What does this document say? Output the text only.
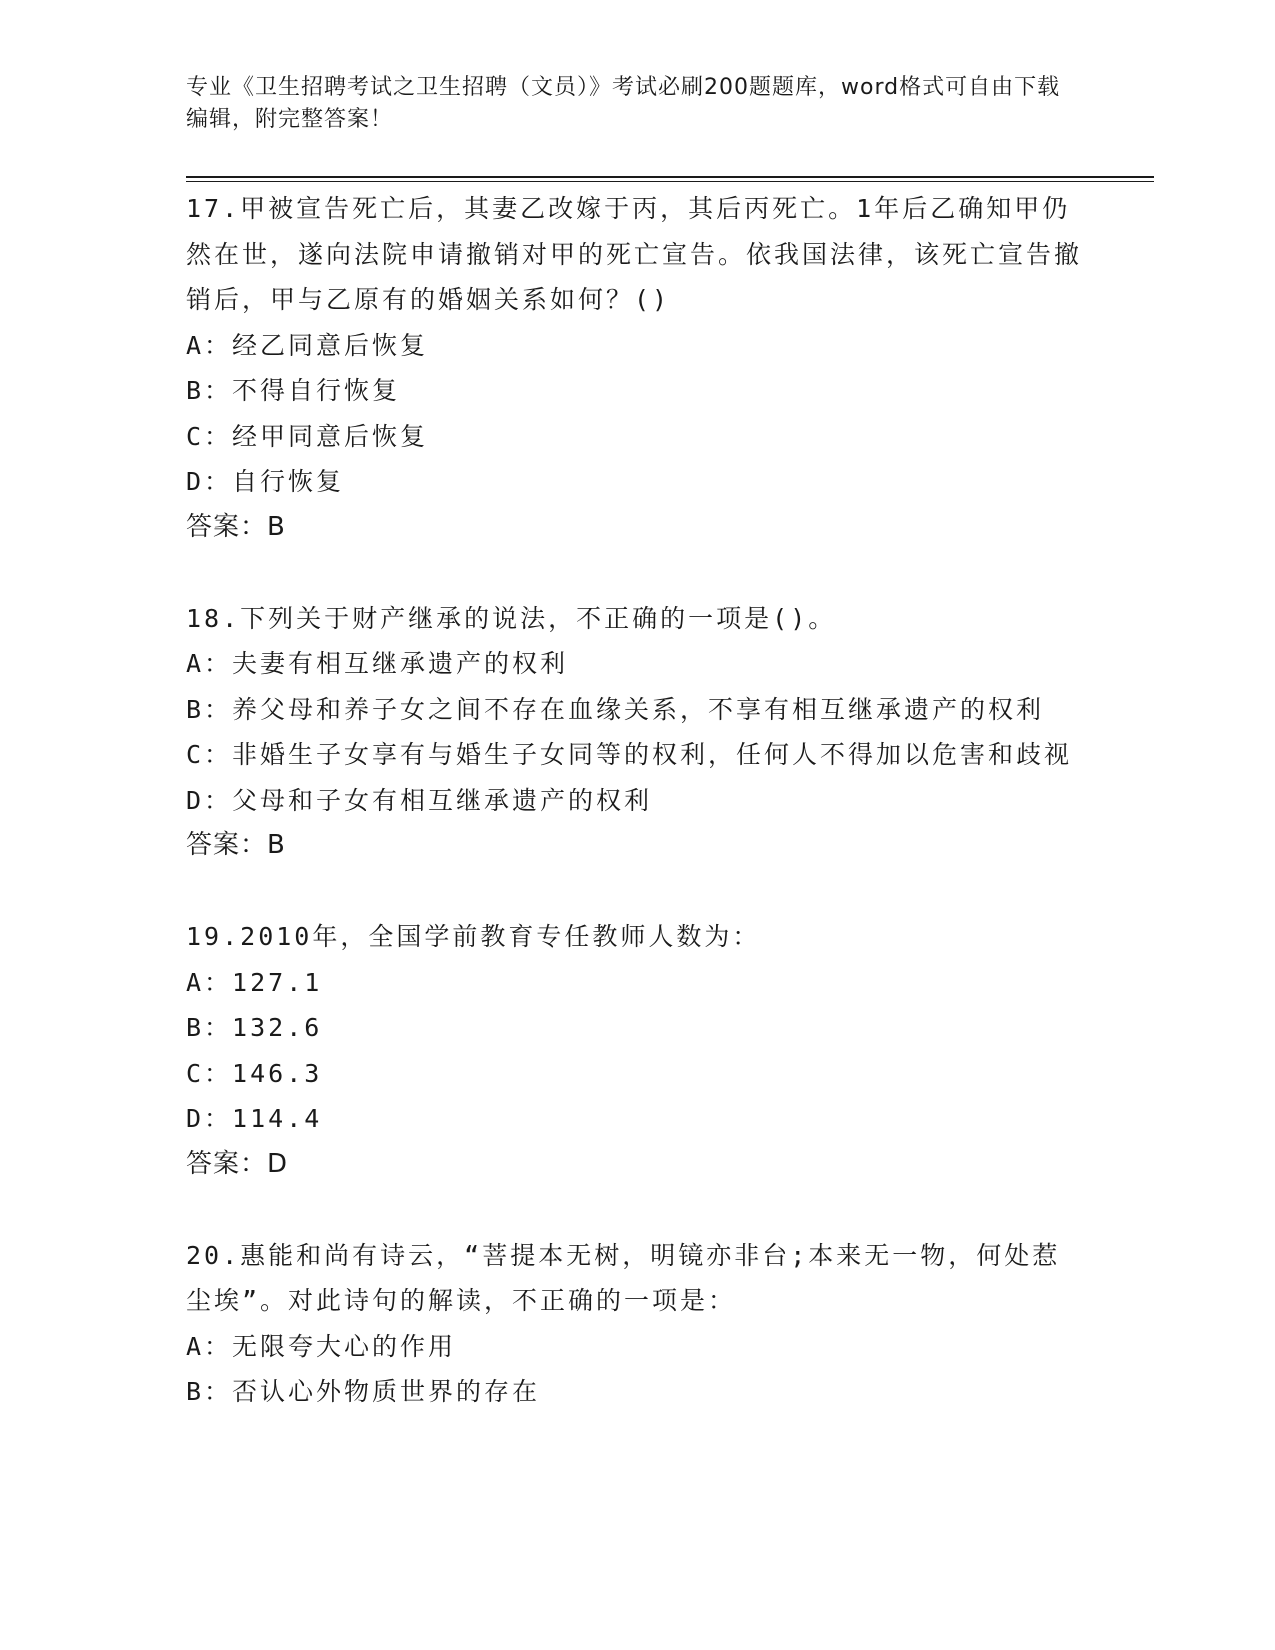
专业《卫生招聘考试之卫生招聘（文员）》考试必刷200题题库，word格式可自由下载编辑，附完整答案！
17.甲被宣告死亡后，其妻乙改嫁于丙，其后丙死亡。1年后乙确知甲仍然在世，遂向法院申请撤销对甲的死亡宣告。依我国法律，该死亡宣告撤销后，甲与乙原有的婚姻关系如何？()
A：经乙同意后恢复
B：不得自行恢复
C：经甲同意后恢复
D：自行恢复
答案：B
18.下列关于财产继承的说法，不正确的一项是()。
A：夫妻有相互继承遗产的权利
B：养父母和养子女之间不存在血缘关系，不享有相互继承遗产的权利
C：非婚生子女享有与婚生子女同等的权利，任何人不得加以危害和歧视
D：父母和子女有相互继承遗产的权利
答案：B
19.2010年，全国学前教育专任教师人数为：
A：127.1
B：132.6
C：146.3
D：114.4
答案：D
20.惠能和尚有诗云，“菩提本无树，明镜亦非台;本来无一物，何处惹尘埃”。对此诗句的解读，不正确的一项是：
A：无限夸大心的作用
B：否认心外物质世界的存在
